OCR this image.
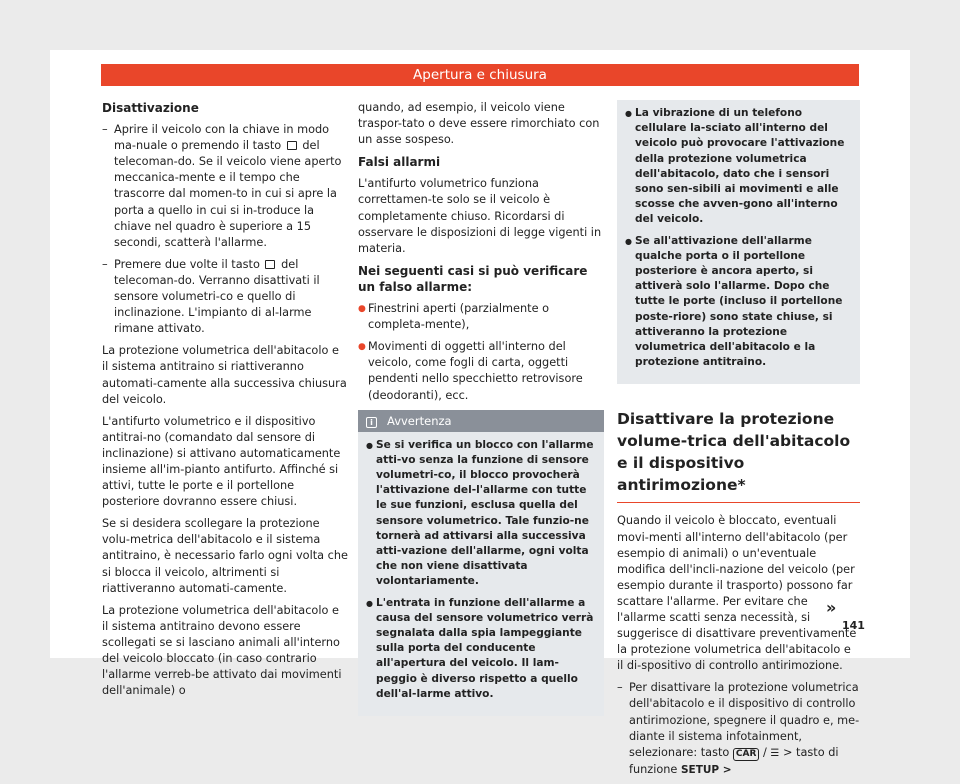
Apertura e chiusura

Disattivazione

– Aprire il veicolo con la chiave in modo ma-nuale o premendo il tasto del telecoman-do. Se il veicolo viene aperto meccanica-mente e il tempo che trascorre dal momen-to in cui si apre la porta a quello in cui si in-troduce la chiave nel quadro è superiore a 15 secondi, scatterà l'allarme.

– Premere due volte il tasto del telecoman-do. Verranno disattivati il sensore volumetri-co e quello di inclinazione. L'impianto di al-larme rimane attivato.

La protezione volumetrica dell'abitacolo e il sistema antitraino si riattiveranno automati-camente alla successiva chiusura del veicolo.

L'antifurto volumetrico e il dispositivo antitrai-no (comandato dal sensore di inclinazione) si attivano automaticamente insieme all'im-pianto antifurto. Affinché si attivi, tutte le porte e il portellone posteriore dovranno essere chiusi.

Se si desidera scollegare la protezione volu-metrica dell'abitacolo e il sistema antitraino, è necessario farlo ogni volta che si blocca il veicolo, altrimenti si riattiveranno automati-camente.

La protezione volumetrica dell'abitacolo e il sistema antitraino devono essere scollegati se si lasciano animali all'interno del veicolo bloccato (in caso contrario l'allarme verreb-be attivato dai movimenti dell'animale) o

quando, ad esempio, il veicolo viene traspor-tato o deve essere rimorchiato con un asse sospeso.

Falsi allarmi

L'antifurto volumetrico funziona correttamen-te solo se il veicolo è completamente chiuso. Ricordarsi di osservare le disposizioni di legge vigenti in materia.

Nei seguenti casi si può verificare un falso allarme:

● Finestrini aperti (parzialmente o completa-mente),

● Movimenti di oggetti all'interno del veicolo, come fogli di carta, oggetti pendenti nello specchietto retrovisore (deodoranti), ecc.

i Avvertenza

● Se si verifica un blocco con l'allarme atti-vo senza la funzione di sensore volumetri-co, il blocco provocherà l'attivazione del-l'allarme con tutte le sue funzioni, esclusa quella del sensore volumetrico. Tale funzio-ne tornerà ad attivarsi alla successiva atti-vazione dell'allarme, ogni volta che non viene disattivata volontariamente.

● L'entrata in funzione dell'allarme a causa del sensore volumetrico verrà segnalata dalla spia lampeggiante sulla porta del conducente all'apertura del veicolo. Il lam-peggio è diverso rispetto a quello dell'al-larme attivo.

● La vibrazione di un telefono cellulare la-sciato all'interno del veicolo può provocare l'attivazione della protezione volumetrica dell'abitacolo, dato che i sensori sono sen-sibili ai movimenti e alle scosse che avven-gono all'interno del veicolo.

● Se all'attivazione dell'allarme qualche porta o il portellone posteriore è ancora aperto, si attiverà solo l'allarme. Dopo che tutte le porte (incluso il portellone poste-riore) sono state chiuse, si attiveranno la protezione volumetrica dell'abitacolo e la protezione antitraino.

Disattivare la protezione volume-trica dell'abitacolo e il dispositivo antirimozione*

Quando il veicolo è bloccato, eventuali movi-menti all'interno dell'abitacolo (per esempio di animali) o un'eventuale modifica dell'incli-nazione del veicolo (per esempio durante il trasporto) possono far scattare l'allarme. Per evitare che l'allarme scatti senza necessità, si suggerisce di disattivare preventivamente la protezione volumetrica dell'abitacolo e il di-spositivo di controllo antirimozione.

– Per disattivare la protezione volumetrica dell'abitacolo e il dispositivo di controllo antirimozione, spegnere il quadro e, me-diante il sistema infotainment, selezionare: tasto CAR / ☰ > tasto di funzione SETUP >

»
141
